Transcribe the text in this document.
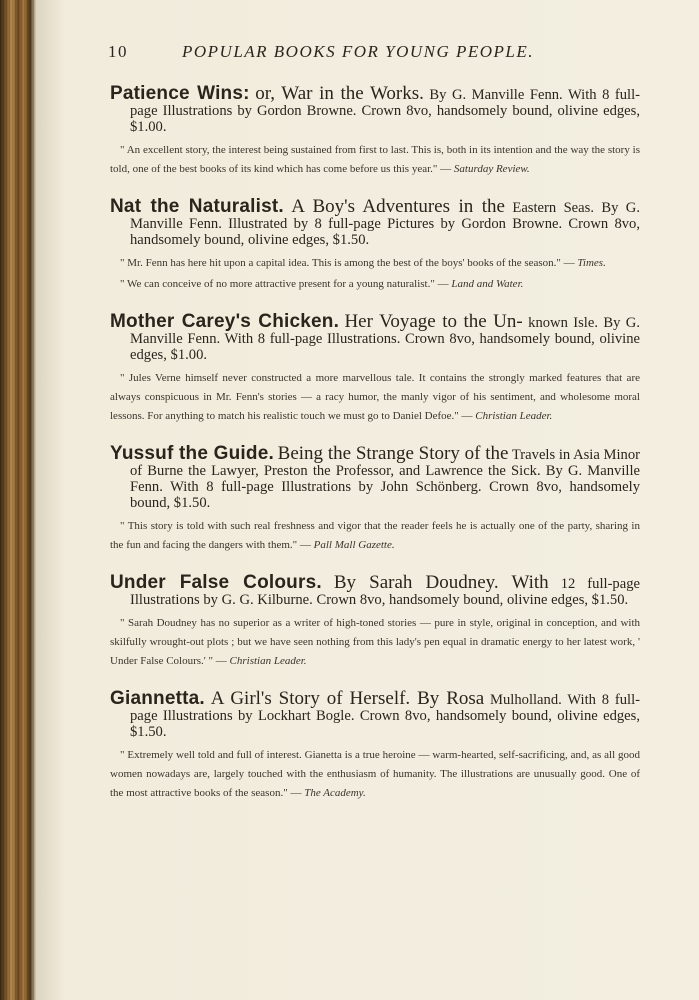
10	POPULAR BOOKS FOR YOUNG PEOPLE.
Patience Wins: or, War in the Works. By G. Manville Fenn. With 8 full-page Illustrations by Gordon Browne. Crown 8vo, handsomely bound, olivine edges, $1.00.
" An excellent story, the interest being sustained from first to last. This is, both in its intention and the way the story is told, one of the best books of its kind which has come before us this year." — Saturday Review.
Nat the Naturalist. A Boy's Adventures in the Eastern Seas. By G. Manville Fenn. Illustrated by 8 full-page Pictures by Gordon Browne. Crown 8vo, handsomely bound, olivine edges, $1.50.
" Mr. Fenn has here hit upon a capital idea. This is among the best of the boys' books of the season." — Times.
" We can conceive of no more attractive present for a young naturalist." — Land and Water.
Mother Carey's Chicken. Her Voyage to the Un- known Isle. By G. Manville Fenn. With 8 full-page Illustrations. Crown 8vo, handsomely bound, olivine edges, $1.00.
" Jules Verne himself never constructed a more marvellous tale. It contains the strongly marked features that are always conspicuous in Mr. Fenn's stories — a racy humor, the manly vigor of his sentiment, and wholesome moral lessons. For anything to match his realistic touch we must go to Daniel Defoe." — Christian Leader.
Yussuf the Guide. Being the Strange Story of the Travels in Asia Minor of Burne the Lawyer, Preston the Professor, and Lawrence the Sick. By G. Manville Fenn. With 8 full-page Illustrations by John Schönberg. Crown 8vo, handsomely bound, $1.50.
" This story is told with such real freshness and vigor that the reader feels he is actually one of the party, sharing in the fun and facing the dangers with them." — Pall Mall Gazette.
Under False Colours. By Sarah Doudney. With 12 full-page Illustrations by G. G. Kilburne. Crown 8vo, handsomely bound, olivine edges, $1.50.
" Sarah Doudney has no superior as a writer of high-toned stories — pure in style, original in conception, and with skilfully wrought-out plots ; but we have seen nothing from this lady's pen equal in dramatic energy to her latest work, ' Under False Colours.' " — Christian Leader.
Giannetta. A Girl's Story of Herself. By Rosa Mulholland. With 8 full-page Illustrations by Lockhart Bogle. Crown 8vo, handsomely bound, olivine edges, $1.50.
" Extremely well told and full of interest. Gianetta is a true heroine — warm-hearted, self-sacrificing, and, as all good women nowadays are, largely touched with the enthusiasm of humanity. The illustrations are unusually good. One of the most attractive books of the season." — The Academy.
